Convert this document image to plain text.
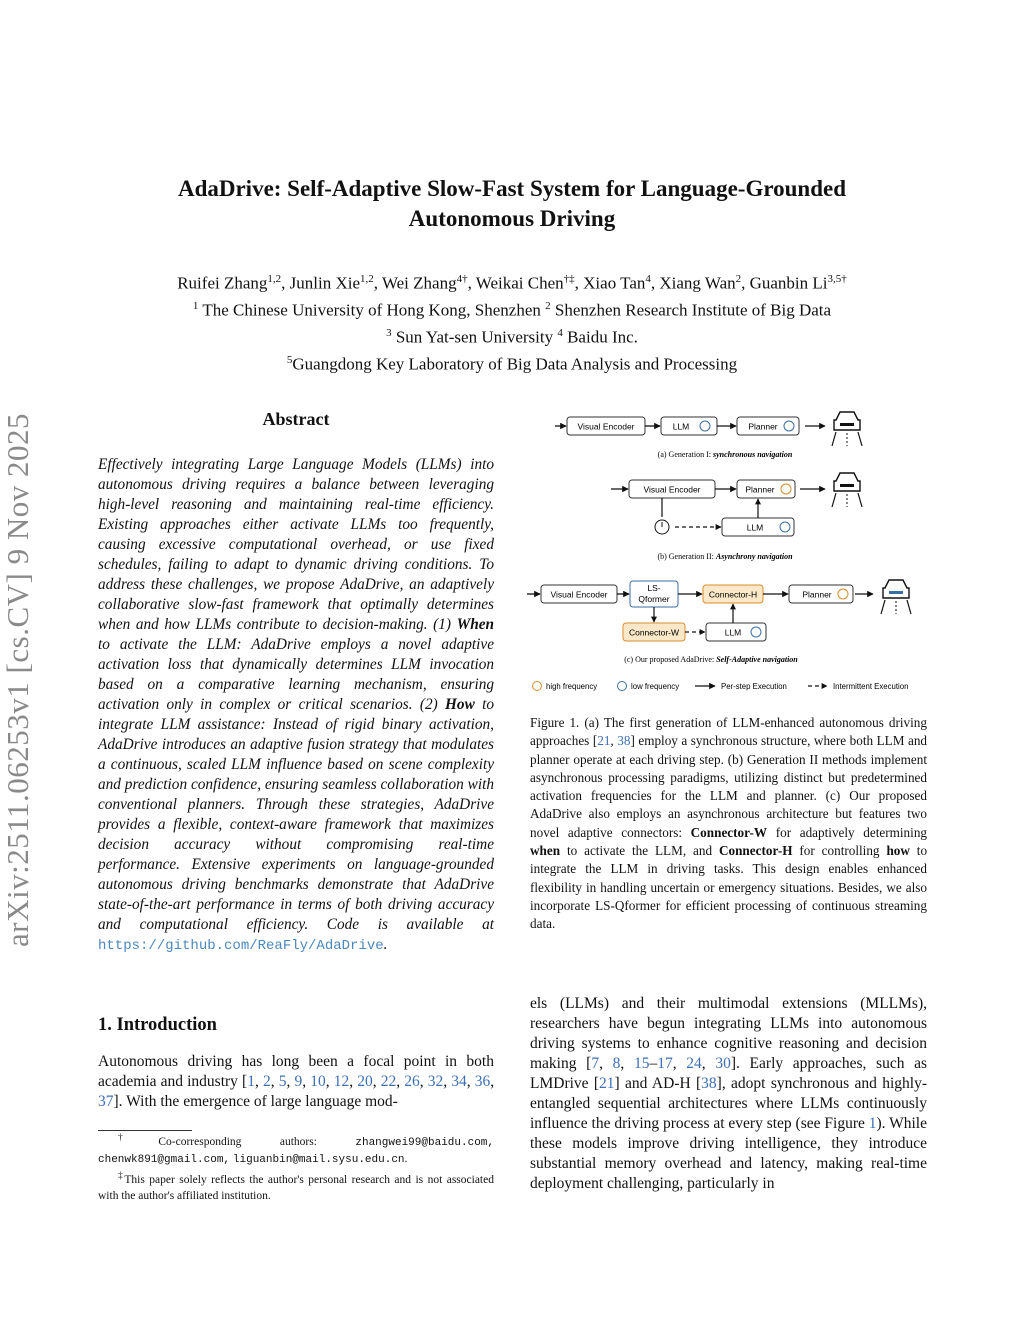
arXiv:2511.06253v1 [cs.CV] 9 Nov 2025
AdaDrive: Self-Adaptive Slow-Fast System for Language-Grounded
Autonomous Driving
Ruifei Zhang$^{1,2}$, Junlin Xie$^{1,2}$, Wei Zhang$^{4\dagger}$, Weikai Chen†‡, Xiao Tan$^4$, Xiang Wan$^2$, Guanbin $Li^{3,5\dagger}$
$^1$ The Chinese University of Hong Kong, Shenzhen $^2$ Shenzhen Research Institute of Big Data
$^3$ Sun Yat-sen University $^4$ Baidu Inc.
$^5$Guangdong Key Laboratory of Big Data Analysis and Processing
Abstract
Effectively integrating Large Language Models (LLMs) into autonomous driving requires a balance between leveraging high-level reasoning and maintaining real-time efficiency. Existing approaches either activate LLMs too frequently, causing excessive computational overhead, or use fixed schedules, failing to adapt to dynamic driving conditions. To address these challenges, we propose AdaDrive, an adaptively collaborative slow-fast framework that optimally determines when and how LLMs contribute to decision-making. (1) When to activate the LLM: AdaDrive employs a novel adaptive activation loss that dynamically determines LLM invocation based on a comparative learning mechanism, ensuring activation only in complex or critical scenarios. (2) How to integrate LLM assistance: Instead of rigid binary activation, AdaDrive introduces an adaptive fusion strategy that modulates a continuous, scaled LLM influence based on scene complexity and prediction confidence, ensuring seamless collaboration with conventional planners. Through these strategies, AdaDrive provides a flexible, context-aware framework that maximizes decision accuracy without compromising real-time performance. Extensive experiments on language-grounded autonomous driving benchmarks demonstrate that AdaDrive state-of-the-art performance in terms of both driving accuracy and computational efficiency. Code is available at https://github.com/ReaFly/AdaDrive.
Visual Encoder	LLM	Planner
(a) Generation I: synchronous navigation
Visual Encoder	Planner
LLM
(b) Generation II: Asynchrony navigation
Visual Encoder
LS-
Qformer	Connector-H	Planner
Connector-W	LLM
(c) Our proposed AdaDrive: Self-Adaptive navigation
high frequency	low frequency	Per-step Execution	Intermittent Execution
Figure 1. (a) The first generation of LLM-enhanced autonomous driving approaches [21, 38] employ a synchronous structure, where both LLM and planner operate at each driving step. (b) Generation II methods implement asynchronous processing paradigms, utilizing distinct but predetermined activation frequencies for the LLM and planner. (c) Our proposed AdaDrive also employs an asynchronous architecture but features two novel adaptive connectors: Connector-W for adaptively determining when to activate the LLM, and Connector-H for controlling how to integrate the LLM in driving tasks. This design enables enhanced flexibility in handling uncertain or emergency situations. Besides, we also incorporate LS-Qformer for efficient processing of continuous streaming data.
1. Introduction
Autonomous driving has long been a focal point in both academia and industry [1, 2, 5, 9, 10, 12, 20, 22, 26, 32, 34, 36, 37]. With the emergence of large language mod-
els (LLMs) and their multimodal extensions (MLLMs), researchers have begun integrating LLMs into autonomous driving systems to enhance cognitive reasoning and decision making [7, 8, 15–17, 24, 30]. Early approaches, such as LMDrive [21] and AD-H [38], adopt synchronous and highly-entangled sequential architectures where LLMs continuously influence the driving process at every step (see Figure 1). While these models improve driving intelligence, they introduce substantial memory overhead and latency, making real-time deployment challenging, particularly in
†Co-corresponding authors:	zhangwei99@baidu.com, chenwk891@gmail.com, liguanbin@mail.sysu.edu.cn.
‡This paper solely reflects the author's personal research and is not associated with the author's affiliated institution.
